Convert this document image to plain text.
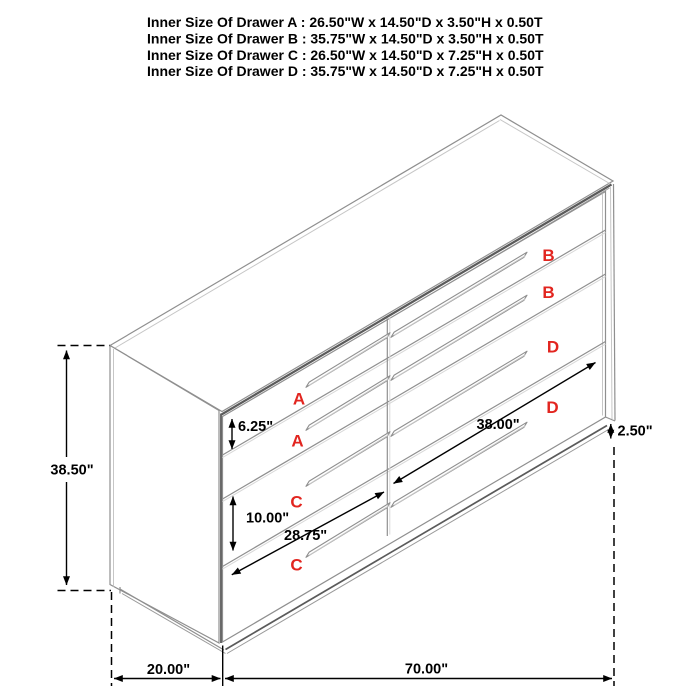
Inner Size Of Drawer A : 26.50"W x 14.50"D x 3.50"H x 0.50T
Inner Size Of Drawer B : 35.75"W x 14.50"D x 3.50"H x 0.50T
Inner Size Of Drawer C : 26.50"W x 14.50"D x 7.25"H x 0.50T
Inner Size Of Drawer D : 35.75"W x 14.50"D x 7.25"H x 0.50T
A
A
C
C
B
B
D
D
38.50"
6.25"
10.00"
28.75"
38.00"	2.50"
20.00"	70.00"
